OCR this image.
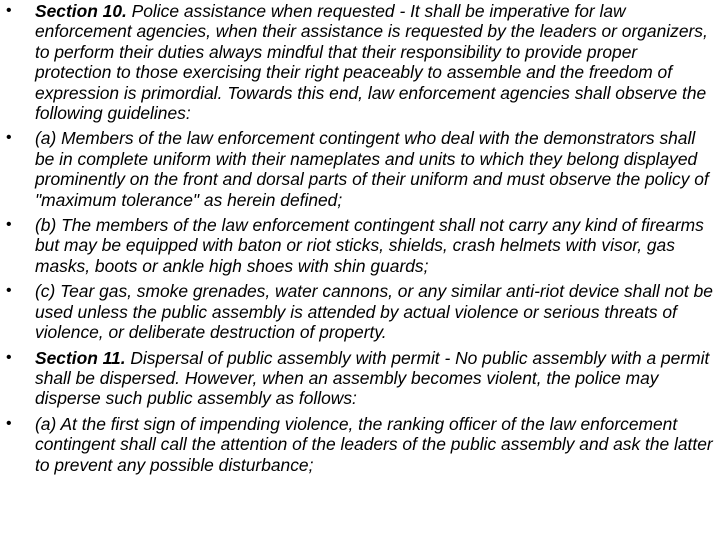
• Section 10. Police assistance when requested - It shall be imperative for law enforcement agencies, when their assistance is requested by the leaders or organizers, to perform their duties always mindful that their responsibility to provide proper protection to those exercising their right peaceably to assemble and the freedom of expression is primordial. Towards this end, law enforcement agencies shall observe the following guidelines:
• (a) Members of the law enforcement contingent who deal with the demonstrators shall be in complete uniform with their nameplates and units to which they belong displayed prominently on the front and dorsal parts of their uniform and must observe the policy of "maximum tolerance" as herein defined;
• (b) The members of the law enforcement contingent shall not carry any kind of firearms but may be equipped with baton or riot sticks, shields, crash helmets with visor, gas masks, boots or ankle high shoes with shin guards;
• (c) Tear gas, smoke grenades, water cannons, or any similar anti-riot device shall not be used unless the public assembly is attended by actual violence or serious threats of violence, or deliberate destruction of property.
• Section 11. Dispersal of public assembly with permit - No public assembly with a permit shall be dispersed. However, when an assembly becomes violent, the police may disperse such public assembly as follows:
• (a) At the first sign of impending violence, the ranking officer of the law enforcement contingent shall call the attention of the leaders of the public assembly and ask the latter to prevent any possible disturbance;
